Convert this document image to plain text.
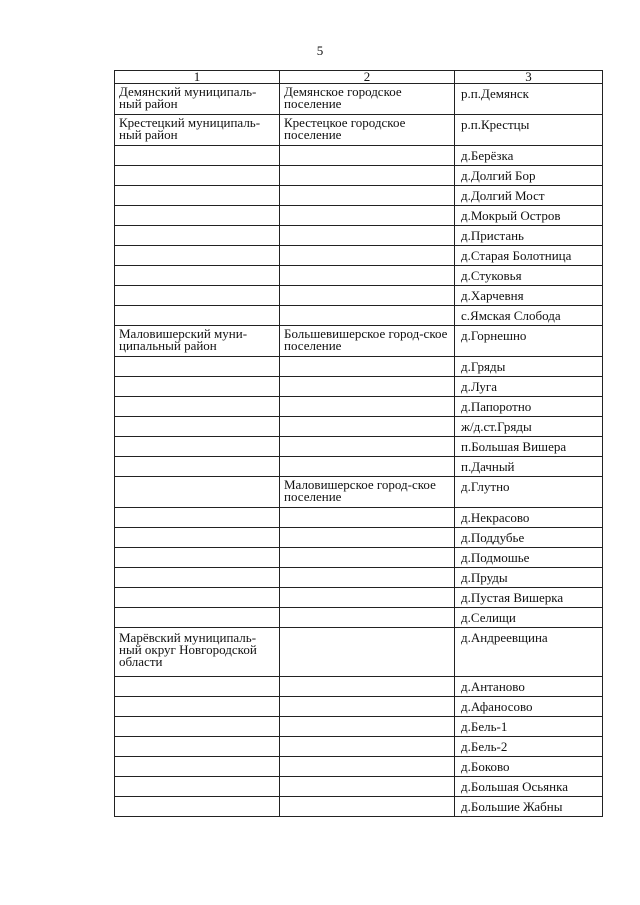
5
1	2	3
Демянский муниципаль-ный район	Демянское городское поселение	р.п.Демянск
Крестецкий муниципаль-ный район	Крестецкое городское поселение	р.п.Крестцы
		д.Берёзка
		д.Долгий Бор
		д.Долгий Мост
		д.Мокрый Остров
		д.Пристань
		д.Старая Болотница
		д.Стуковья
		д.Харчевня
		с.Ямская Слобода
Маловишерский муни-ципальный район	Большевишерское город-ское поселение	д.Горнешно
		д.Гряды
		д.Луга
		д.Папоротно
		ж/д.ст.Гряды
		п.Большая Вишера
		п.Дачный
	Маловишерское город-ское поселение	д.Глутно
		д.Некрасово
		д.Поддубье
		д.Подмошье
		д.Пруды
		д.Пустая Вишерка
		д.Селищи
Марёвский муниципаль-ный округ Новгородской области		д.Андреевщина
		д.Антаново
		д.Афаносово
		д.Бель-1
		д.Бель-2
		д.Боково
		д.Большая Осьянка
		д.Большие Жабны
